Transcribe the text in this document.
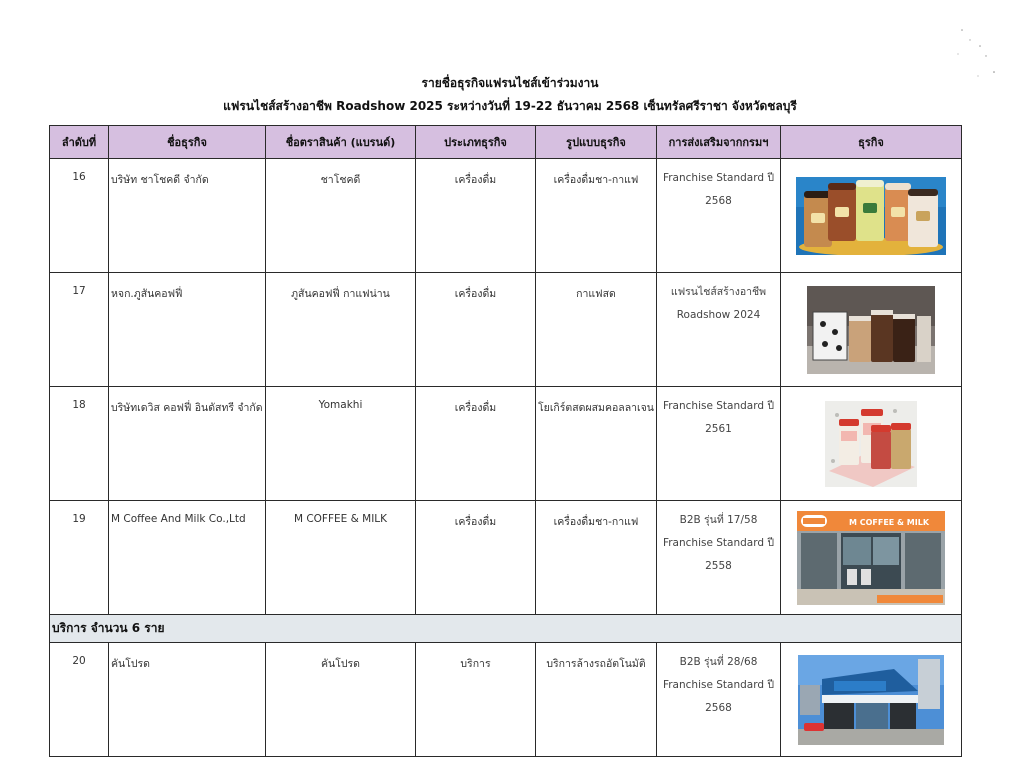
รายชื่อธุรกิจแฟรนไชส์เข้าร่วมงาน
แฟรนไชส์สร้างอาชีพ Roadshow 2025 ระหว่างวันที่ 19-22 ธันวาคม 2568 เซ็นทรัลศรีราชา จังหวัดชลบุรี
ลำดับที่	ชื่อธุรกิจ	ชื่อตราสินค้า (แบรนด์)	ประเภทธุรกิจ	รูปแบบธุรกิจ	การส่งเสริมจากกรมฯ	ธุรกิจ
16	บริษัท ชาโชคดี จำกัด	ชาโชคดี	เครื่องดื่ม	เครื่องดื่มชา-กาแฟ	Franchise Standard ปี
2568

17	หจก.ภูสันคอฟฟี่	ภูสันคอฟฟี่ กาแฟน่าน	เครื่องดื่ม	กาแฟสด	แฟรนไชส์สร้างอาชีพ
Roadshow 2024

18	บริษัทเดวิส คอฟฟี่ อินดัสทรี จำกัด	Yomakhi	เครื่องดื่ม	โยเกิร์ตสดผสมคอลลาเจน	Franchise Standard ปี
2561

19	M Coffee And Milk Co.,Ltd	M COFFEE & MILK	เครื่องดื่ม	เครื่องดื่มชา-กาแฟ	B2B รุ่นที่ 17/58
Franchise Standard ปี
2558	M COFFEE & MILK

บริการ จำนวน 6 ราย						
20	คันโปรด	คันโปรด	บริการ	บริการล้างรถอัตโนมัติ	B2B รุ่นที่ 28/68
Franchise Standard ปี
2568
